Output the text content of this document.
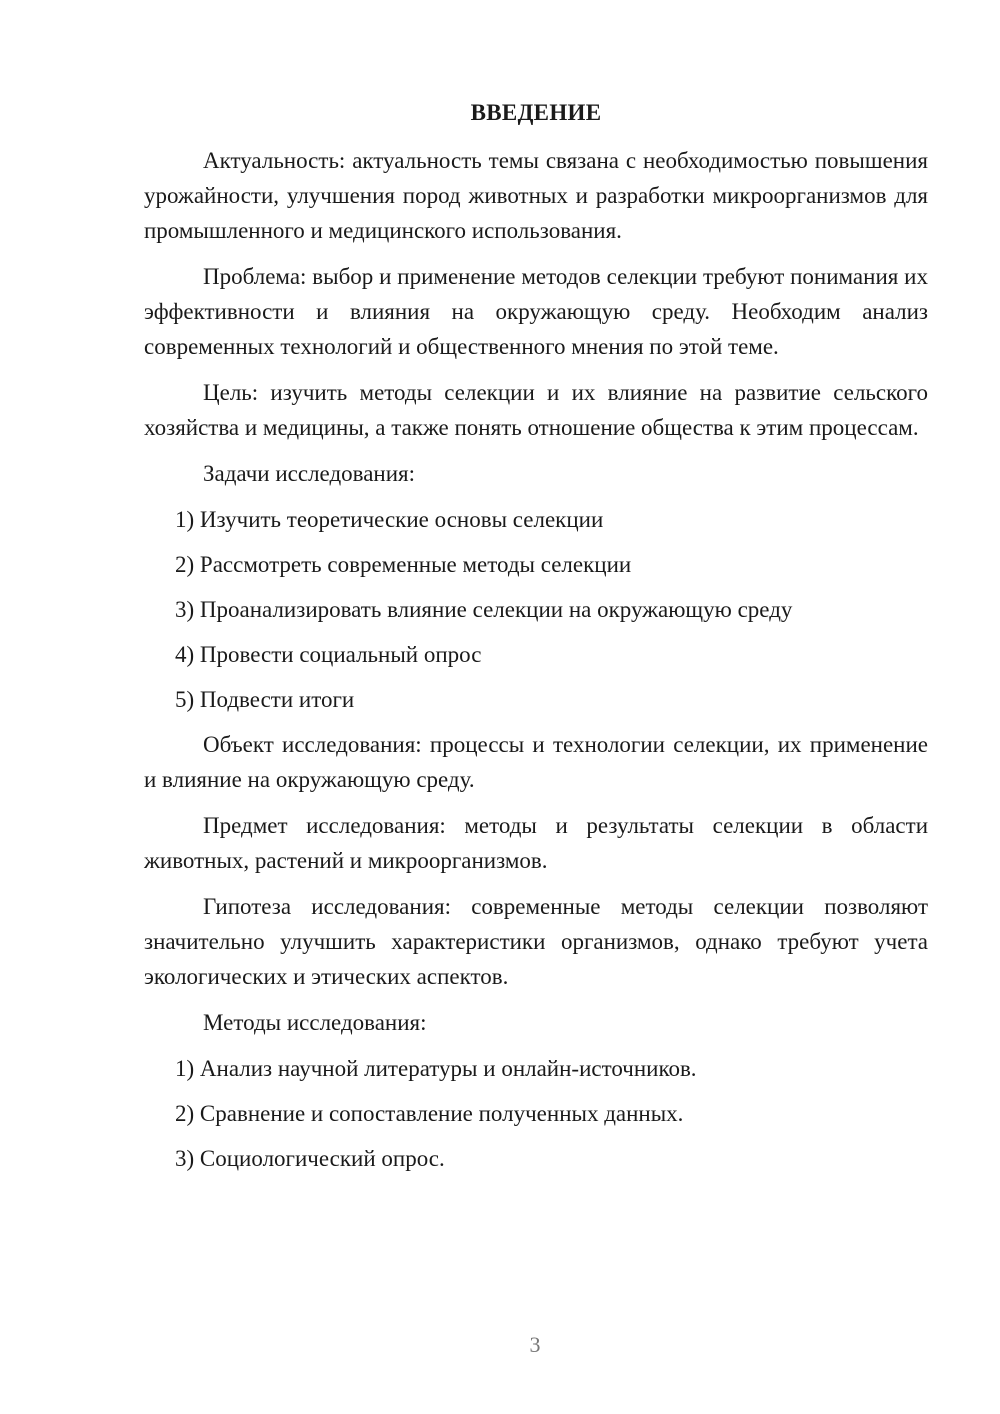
ВВЕДЕНИЕ

Актуальность: актуальность темы связана с необходимостью повышения урожайности, улучшения пород животных и разработки микроорганизмов для промышленного и медицинского использования.

Проблема: выбор и применение методов селекции требуют понимания их эффективности и влияния на окружающую среду. Необходим анализ современных технологий и общественного мнения по этой теме.

Цель: изучить методы селекции и их влияние на развитие сельского хозяйства и медицины, а также понять отношение общества к этим процессам.

Задачи исследования:

1) Изучить теоретические основы селекции
2) Рассмотреть современные методы селекции
3) Проанализировать влияние селекции на окружающую среду
4) Провести социальный опрос
5) Подвести итоги

Объект исследования: процессы и технологии селекции, их применение и влияние на окружающую среду.

Предмет исследования: методы и результаты селекции в области животных, растений и микроорганизмов.

Гипотеза исследования: современные методы селекции позволяют значительно улучшить характеристики организмов, однако требуют учета экологических и этических аспектов.

Методы исследования:

1) Анализ научной литературы и онлайн-источников.
2) Сравнение и сопоставление полученных данных.
3) Социологический опрос.
3
